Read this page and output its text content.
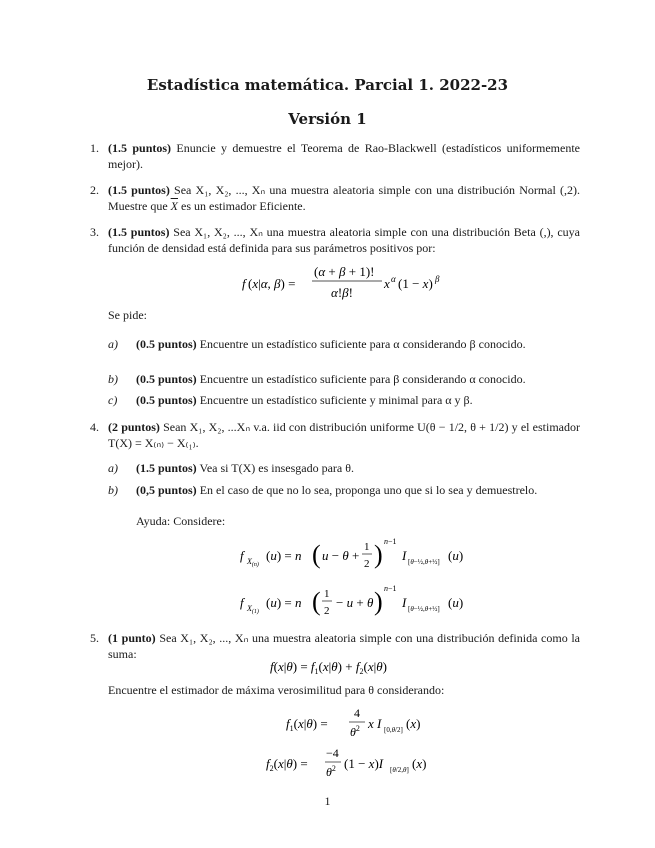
Estadística matemática. Parcial 1. 2022-23
Versión 1
1. (1.5 puntos) Enuncie y demuestre el Teorema de Rao-Blackwell (estadísticos uniformemente mejor).
2. (1.5 puntos) Sea X₁, X₂, ..., Xₙ una muestra aleatoria simple con una distribución Normal (,2). Muestre que $\overline{X}$ es un estimador Eficiente.
3. (1.5 puntos) Sea X₁, X₂, ..., Xₙ una muestra aleatoria simple con una distribución Beta (,), cuya función de densidad está definida para sus parámetros positivos por:
f (x|α, β) =
(α + β + 1)!
α!β!
x α (1 − x) β
Se pide:
a) (0.5 puntos) Encuentre un estadístico suficiente para α considerando β conocido.
b) (0.5 puntos) Encuentre un estadístico suficiente para β considerando α conocido.
c) (0.5 puntos) Encuentre un estadístico suficiente y minimal para α y β.
4. (2 puntos) Sean X₁, X₂, ...Xₙ v.a. iid con distribución uniforme U(θ − 1/2, θ + 1/2) y el estimador T(X) = X₍ₙ₎ − X₍₁₎.
a) (1.5 puntos) Vea si T(X) es insesgado para θ.
b) (0,5 puntos) En el caso de que no lo sea, proponga uno que si lo sea y demuestrelo.
Ayuda: Considere:
f $X_{(n)}$
(u) = n ( u − θ +
1
2 ) n−1
I [θ−½,θ+½] (u)
f $X_{(1)}$
(u) = n ( 1
2
− u + θ ) n−1
I [θ−½,θ+½] (u)
5. (1 punto) Sea X₁, X₂, ..., Xₙ una muestra aleatoria simple con una distribución definida como la suma:
$f(x|\theta) = f_1(x|\theta) + f_2(x|\theta)$
Encuentre el estimador de máxima verosimilitud para θ considerando:
$f_1(x|\theta)$ =
4
$\theta^2$ x I [0,θ/2] (x)
$f_2(x|\theta)$ =
−4
$\theta^2$ (1 − x)I [θ/2,θ] (x)
1
